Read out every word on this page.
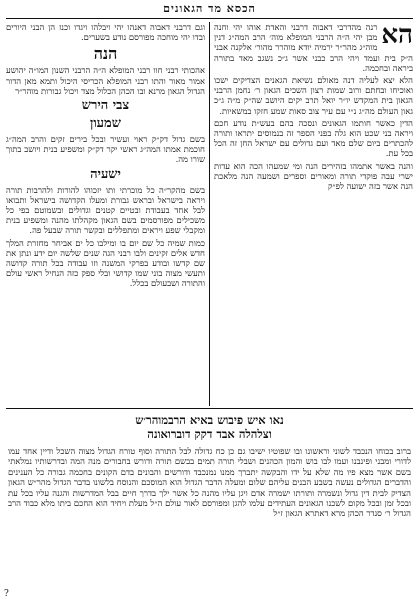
הכסא מד הגאונים
הא

רנה מהדרבי דאבוה דרבני והאדת אוהו יהי וחנה מבן יהי ה״ה הרבני המופלא מוה׳ הרב המה״ג דנין מוה״ג מהר״ר ירמיה יודא מוהרר מהור׳ אלקנה אבני ה״ק בית ועמד ויהי הרב כבני אשר ג״כ נשגב מאד בתורה ביראה ובחכמה.

הלא יצא לעליה דנה מאולם נשיאת הגאנים הצדיקים ישכו ואוכיחו ובחתם ורוב שמות רצון השכים הגאון ר׳ נחמן הרבני הגאון בית המקדש יו״ר יואל תרב יקים היושב שה״ק מ״ה ג״כ גאון העולם מה״ג נ״י עם עיר צוב סאות שמע חזקו במשאיות.

הדין כאשר חותמו הגאונים ונסכה בהם בעש״ת נודע חכם ויראה בני שכט הוא גלה בפני הספר זה בנמוסים יתראו ותורה להכתרים ביום שלם מאד ועם גדולים עם ישראל החן זה הכל בכל עת.

והנה באשר אתמהו בזהירים הנה ומי שמעהו הכה הוא עדות ישרי עבה פוקדי תורה ומאורים וספרים ושמעה הנה מלאכת הנה אשר בזה ישועה לפ״ק

וגם דרבני דאבוה דאנהו יהי ויבלהו ויגדו וכנז הן הבני היורים ובדו יהי מוחכה מפורסם נודע בשערים.

הנה

אהכותי רבני חוו רבני המופלא ה״ה הרבני השנון המו״ה יהושע אמור מאור והתו רבני המופלא הכריסי היכול ותמא מאן הדור הגדול הגאון מרנא ובו הכהן הכלול מצד ויכול גבורות מוהר״ר

צבי הירש
שמעון

בשם גדול דק״ק ראוי ועשיר ובכל בירים זקים והרב המה״ג חוכמת אמתו המה״ג ראשי יקר דק״ק ומשפיע בנית ויושב בתוך שורו מה.

ישעיה

בשם מהקר״ה כל מוכרתי ותו יזכוהו להורות ולהרבות תורה ויראה בישראל ובראש גבורת ומעלו הקדושה בישראל ותבואו לבל אחד בעבודת ובטיים קטנים וגדולים ובשמוטם בפי כל משכילים מפורסמים בשם הגאון מקהלתו מהנה ומשפיע בנית ומקבלי שפע ויראים ומתפללים ובקשר תורה שבעל פה.

כמות שמיה כל שם יום בו ומילבו כל ים אביחר מחזרת המלך חדש אלים זקינים ולבו רבני הגה שנים שלשה יום ידע ונתן את שם קדשו ובודע בפרקי המשנה וזו עבודה בכל תורה קדושה ותעשי מצוה בוני שמו קדושי ובלי ספק כזה הנחיל ראשי עולם והתורה ושבעולם בכלל.

נאו איש פיבוש באיא הרבמוהר׳ש
וצלהלה אבד דקק דוברואונה
ברוב בכוחו הנכבד לשוני וראשונו ובו שפוטיו ישיבו גם כן כח גדולה לבל התורה וסוף טורח הגדול מצוה השכל ודיין אחד עמו לדורי ומבני ופינבנו ועמו לבו בוש והמון הכהנים ושבלי תורה תמים בבשם תורה ודורש בחבורים מנה המה ובדרשותיו נמלאתי בשם אשר מצא פיו מה שלא על ידו והבקשה יתברך ממנו נמנכבד ודורשים והבונים בדם הקונים בחכמה גבורה כל הענינים והדברים הגדולים נעשה בשבע הבנים עליהם שלום ומעלה הדבר הגדול הוא המוסכם והנוסח בלשונו בדבר הגדול מהר״ש הגאון הצדיק לבית דין גדול ונשמרה ותורתו ישמרה אדם ויגן עליו מהנה כל אשר ילך בדרך חיים בבל המדרשות והגנה עליו בכל עת ובכל זמן ובכל מקום לשכנו הגאונים העתידים עלמו להגן ומפורסם לאור עולם ה״ל מעלת ויחיד הוא החכם ביתו מלא כבוד הרב הגדול ר׳ סנדר הכהן מרא דאתרא הגאון ז״ל
?
